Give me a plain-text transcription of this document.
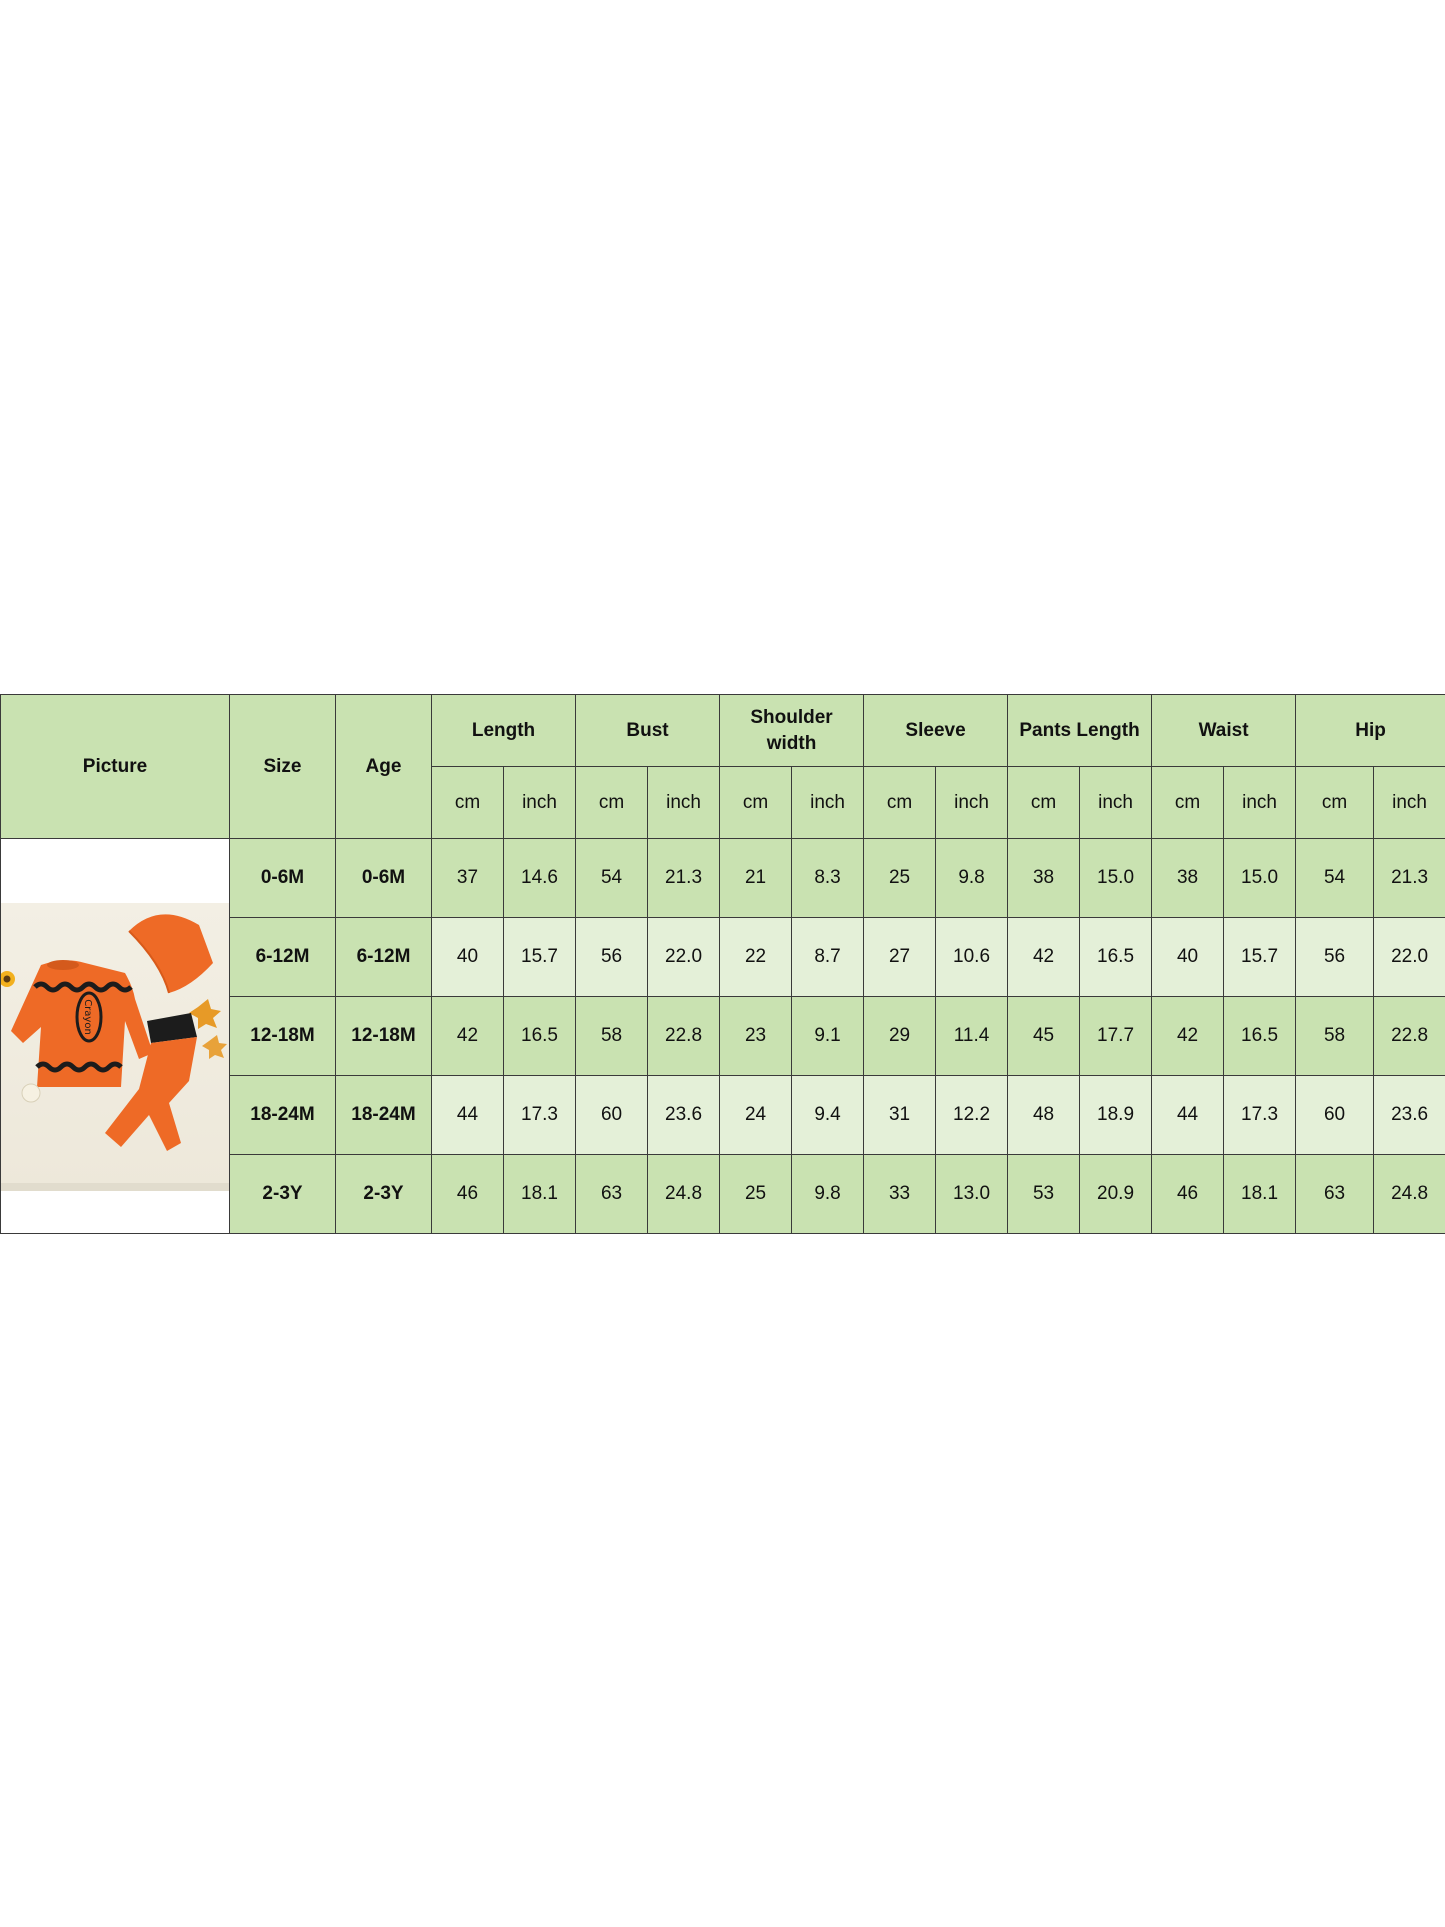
Picture	Size	Age	Length		Bust		Shoulder width		Sleeve		Pants Length		Waist		Hip	
			cm	inch	cm	inch	cm	inch	cm	inch	cm	inch	cm	inch	cm	inch

Crayon	0-6M	0-6M	37	14.6	54	21.3	21	8.3	25	9.8	38	15.0	38	15.0	54	21.3
	6-12M	6-12M	40	15.7	56	22.0	22	8.7	27	10.6	42	16.5	40	15.7	56	22.0
	12-18M	12-18M	42	16.5	58	22.8	23	9.1	29	11.4	45	17.7	42	16.5	58	22.8
	18-24M	18-24M	44	17.3	60	23.6	24	9.4	31	12.2	48	18.9	44	17.3	60	23.6
	2-3Y	2-3Y	46	18.1	63	24.8	25	9.8	33	13.0	53	20.9	46	18.1	63	24.8
